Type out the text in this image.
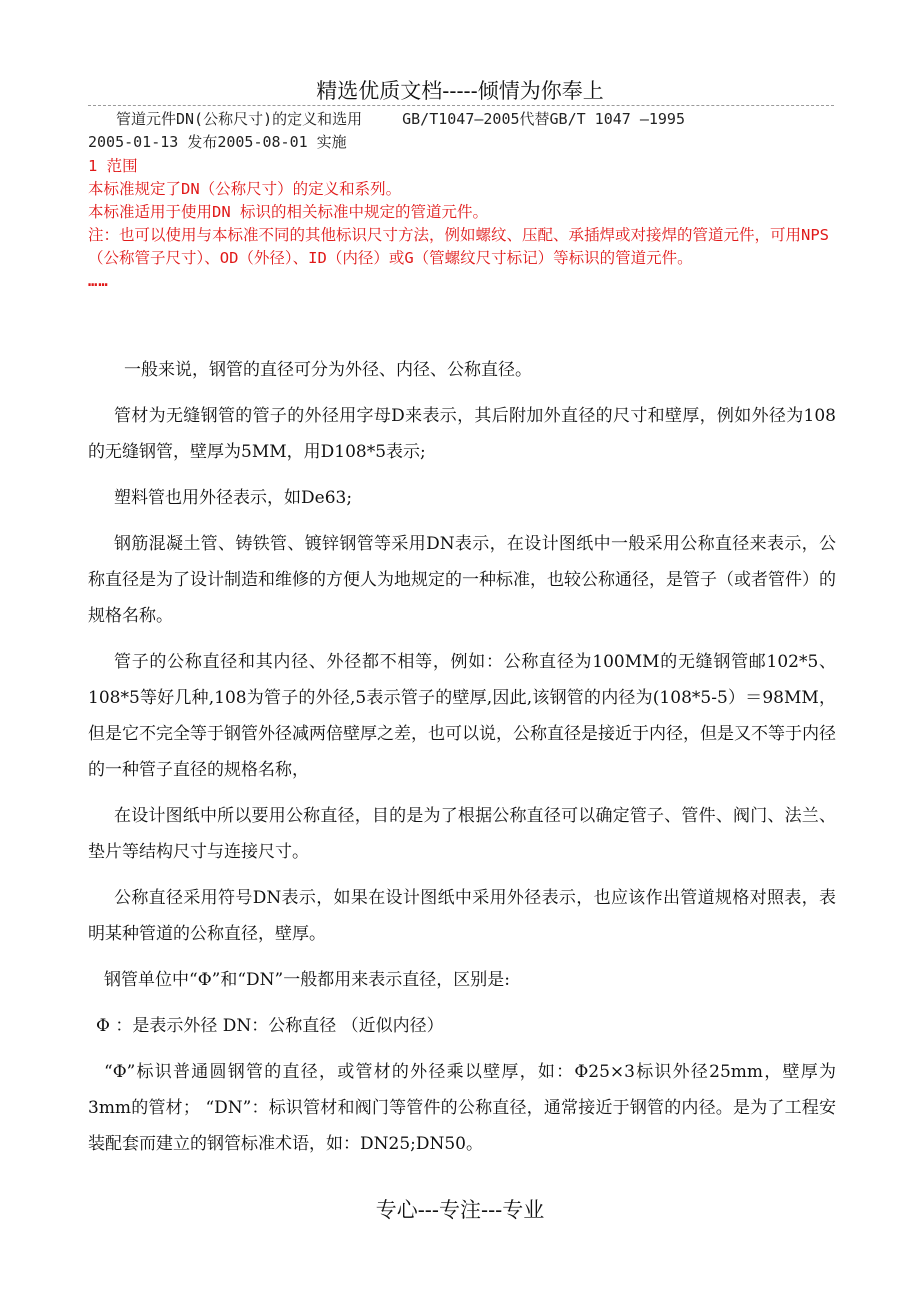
精选优质文档-----倾情为你奉上
管道元件DN(公称尺寸)的定义和选用	GB/T1047—2005代替GB/T 1047 —1995
2005-01-13 发布2005-08-01 实施

1 范围

本标准规定了DN（公称尺寸）的定义和系列。

本标准适用于使用DN 标识的相关标准中规定的管道元件。

注：也可以使用与本标准不同的其他标识尺寸方法，例如螺纹、压配、承插焊或对接焊的管道元件，可用NPS（公称管子尺寸）、OD（外径）、ID（内径）或G（管螺纹尺寸标记）等标识的管道元件。

……

一般来说，钢管的直径可分为外径、内径、公称直径。

管材为无缝钢管的管子的外径用字母D来表示，其后附加外直径的尺寸和壁厚，例如外径为108的无缝钢管，壁厚为5MM，用D108*5表示;

塑料管也用外径表示，如De63;

钢筋混凝土管、铸铁管、镀锌钢管等采用DN表示，在设计图纸中一般采用公称直径来表示，公称直径是为了设计制造和维修的方便人为地规定的一种标准，也较公称通径，是管子（或者管件）的规格名称。

管子的公称直径和其内径、外径都不相等，例如：公称直径为100MM的无缝钢管邮102*5、108*5等好几种,108为管子的外径,5表示管子的壁厚,因此,该钢管的内径为(108*5-5）＝98MM，但是它不完全等于钢管外径减两倍壁厚之差，也可以说，公称直径是接近于内径，但是又不等于内径的一种管子直径的规格名称，

在设计图纸中所以要用公称直径，目的是为了根据公称直径可以确定管子、管件、阀门、法兰、垫片等结构尺寸与连接尺寸。

公称直径采用符号DN表示，如果在设计图纸中采用外径表示，也应该作出管道规格对照表，表明某种管道的公称直径，壁厚。

钢管单位中“Φ”和“DN”一般都用来表示直径，区别是:

Φ ：是表示外径 DN：公称直径 （近似内径）

“Φ”标识普通圆钢管的直径，或管材的外径乘以壁厚，如：Φ25×3标识外径25mm，壁厚为3mm的管材； “DN”：标识管材和阀门等管件的公称直径，通常接近于钢管的内径。是为了工程安装配套而建立的钢管标准术语，如：DN25;DN50。

专心---专注---专业
